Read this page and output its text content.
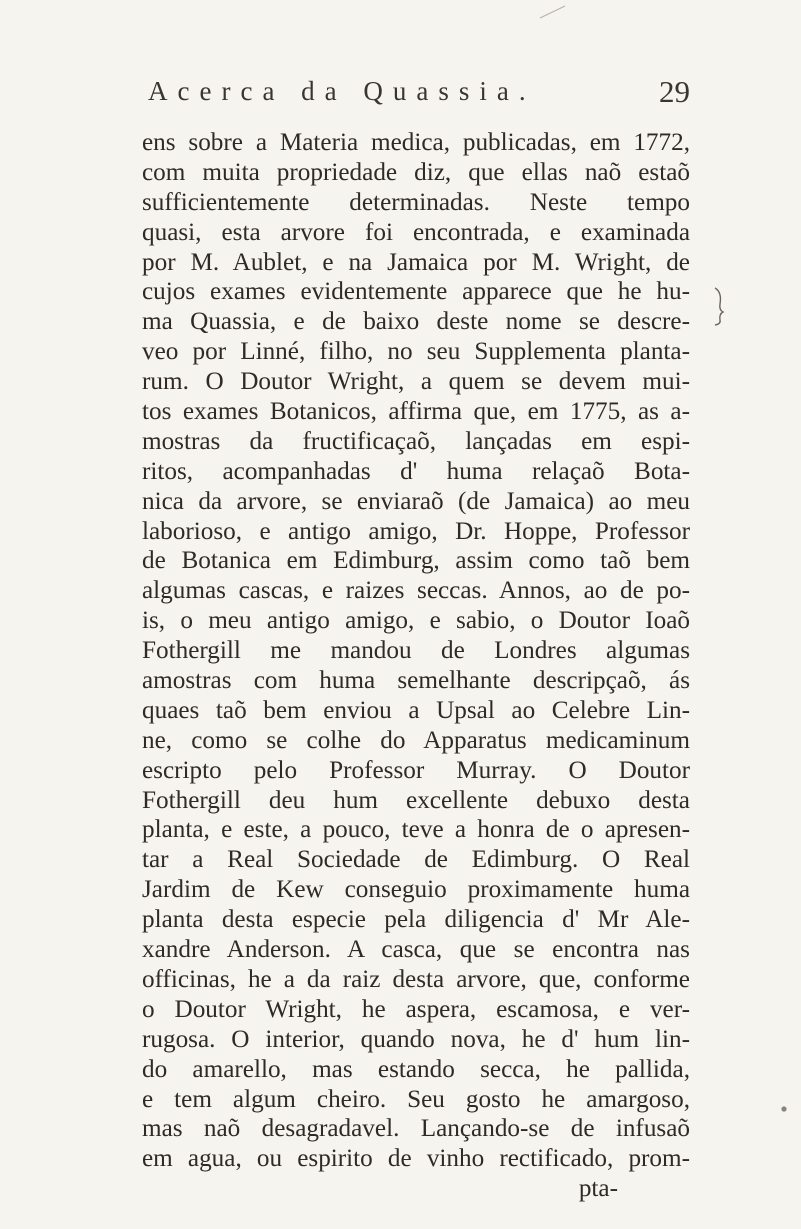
Acerca da Quassia.	29
ens sobre a Materia medica, publicadas, em 1772,
com muita propriedade diz, que ellas naõ estaõ
sufficientemente determinadas. Neste tempo
quasi, esta arvore foi encontrada, e examinada
por M. Aublet, e na Jamaica por M. Wright, de
cujos exames evidentemente apparece que he hu-
ma Quassia, e de baixo deste nome se descre-
veo por Linné, filho, no seu Supplementa planta-
rum. O Doutor Wright, a quem se devem mui-
tos exames Botanicos, affirma que, em 1775, as a-
mostras da fructificaçaõ, lançadas em espi-
ritos, acompanhadas d' huma relaçaõ Bota-
nica da arvore, se enviaraõ (de Jamaica) ao meu
laborioso, e antigo amigo, Dr. Hoppe, Professor
de Botanica em Edimburg, assim como taõ bem
algumas cascas, e raizes seccas. Annos, ao de po-
is, o meu antigo amigo, e sabio, o Doutor Ioaõ
Fothergill me mandou de Londres algumas
amostras com huma semelhante descripçaõ, ás
quaes taõ bem enviou a Upsal ao Celebre Lin-
ne, como se colhe do Apparatus medicaminum
escripto pelo Professor Murray. O Doutor
Fothergill deu hum excellente debuxo desta
planta, e este, a pouco, teve a honra de o apresen-
tar a Real Sociedade de Edimburg. O Real
Jardim de Kew conseguio proximamente huma
planta desta especie pela diligencia d' Mr Ale-
xandre Anderson. A casca, que se encontra nas
officinas, he a da raiz desta arvore, que, conforme
o Doutor Wright, he aspera, escamosa, e ver-
rugosa. O interior, quando nova, he d' hum lin-
do amarello, mas estando secca, he pallida,
e tem algum cheiro. Seu gosto he amargoso,
mas naõ desagradavel. Lançando-se de infusaõ
em agua, ou espirito de vinho rectificado, prom-
pta-
